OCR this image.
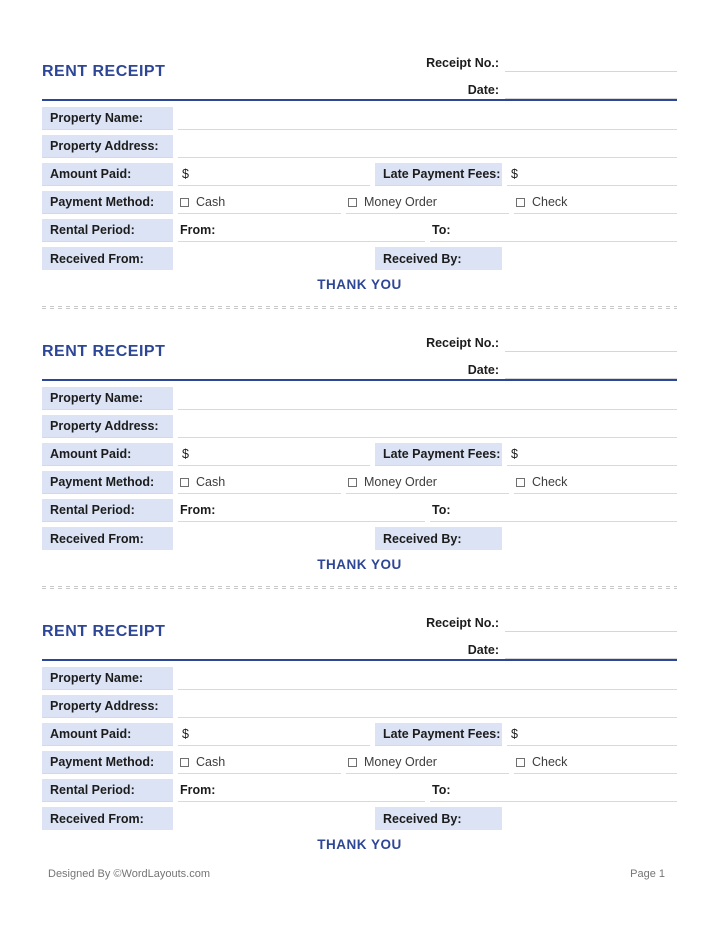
RENT RECEIPT	Receipt No.:
Date:
Property Name:
Property Address:
Amount Paid:	$	Late Payment Fees: $
Payment Method:	Cash	Money Order	Check
Rental Period:	From:	To:
Received From:	Received By:
THANK YOU
RENT RECEIPT	Receipt No.:
Date:
Property Name:
Property Address:
Amount Paid:	$	Late Payment Fees: $
Payment Method:	Cash	Money Order	Check
Rental Period:	From:	To:
Received From:	Received By:
THANK YOU
RENT RECEIPT	Receipt No.:
Date:
Property Name:
Property Address:
Amount Paid:	$	Late Payment Fees: $
Payment Method:	Cash	Money Order	Check
Rental Period:	From:	To:
Received From:	Received By:
THANK YOU
Designed By ©WordLayouts.com	Page 1
